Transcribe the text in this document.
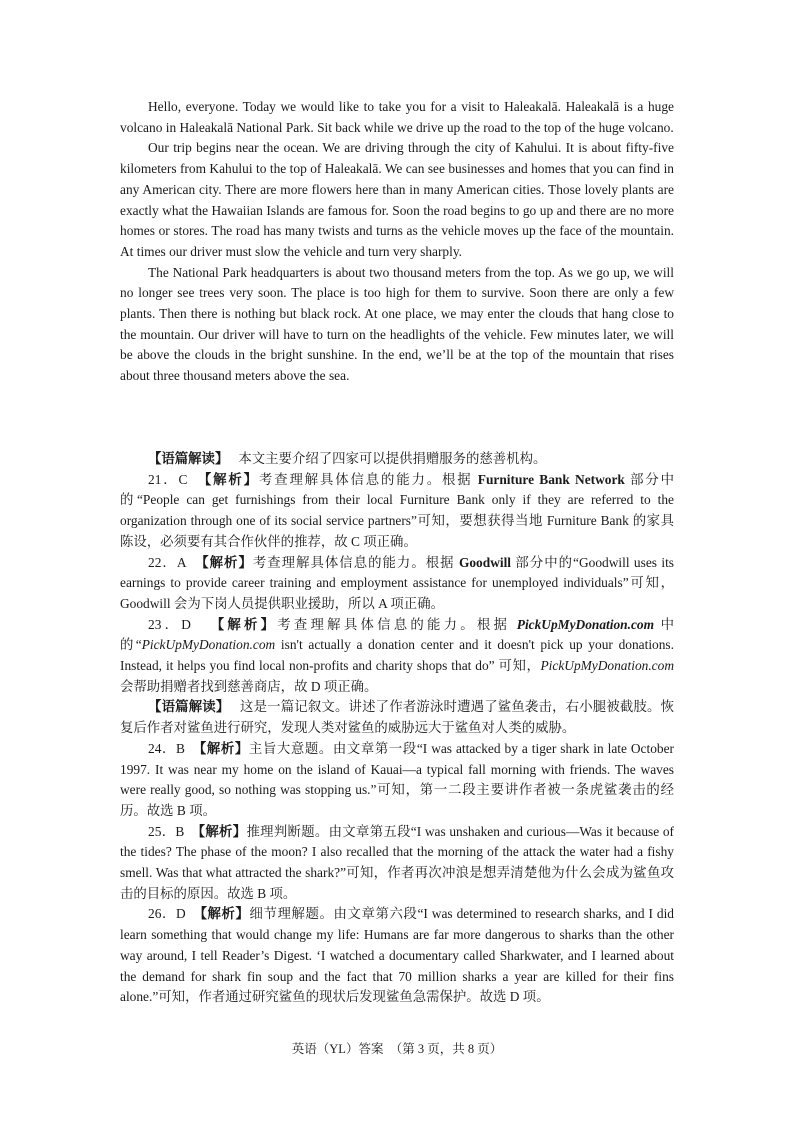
Hello, everyone. Today we would like to take you for a visit to Haleakalā. Haleakalā is a huge volcano in Haleakalā National Park. Sit back while we drive up the road to the top of the huge volcano.

Our trip begins near the ocean. We are driving through the city of Kahului. It is about fifty-five kilometers from Kahului to the top of Haleakalā. We can see businesses and homes that you can find in any American city. There are more flowers here than in many American cities. Those lovely plants are exactly what the Hawaiian Islands are famous for. Soon the road begins to go up and there are no more homes or stores. The road has many twists and turns as the vehicle moves up the face of the mountain. At times our driver must slow the vehicle and turn very sharply.

The National Park headquarters is about two thousand meters from the top. As we go up, we will no longer see trees very soon. The place is too high for them to survive. Soon there are only a few plants. Then there is nothing but black rock. At one place, we may enter the clouds that hang close to the mountain. Our driver will have to turn on the headlights of the vehicle. Few minutes later, we will be above the clouds in the bright sunshine. In the end, we’ll be at the top of the mountain that rises about three thousand meters above the sea.

【语篇解读】 本文主要介绍了四家可以提供捐赠服务的慈善机构。

21．C 【解析】考查理解具体信息的能力。根据 Furniture Bank Network 部分中的“People can get furnishings from their local Furniture Bank only if they are referred to the organization through one of its social service partners”可知，要想获得当地 Furniture Bank 的家具陈设，必须要有其合作伙伴的推荐，故 C 项正确。

22．A 【解析】考查理解具体信息的能力。根据 Goodwill 部分中的“Goodwill uses its earnings to provide career training and employment assistance for unemployed individuals”可知，Goodwill 会为下岗人员提供职业援助，所以 A 项正确。

23．D 【解析】考查理解具体信息的能力。根据 PickUpMyDonation.com 中的“PickUpMyDonation.com isn't actually a donation center and it doesn't pick up your donations. Instead, it helps you find local non-profits and charity shops that do” 可知，PickUpMyDonation.com 会帮助捐赠者找到慈善商店，故 D 项正确。

【语篇解读】 这是一篇记叙文。讲述了作者游泳时遭遇了鲨鱼袭击，右小腿被截肢。恢复后作者对鲨鱼进行研究，发现人类对鲨鱼的威胁远大于鲨鱼对人类的威胁。

24．B 【解析】主旨大意题。由文章第一段“I was attacked by a tiger shark in late October 1997. It was near my home on the island of Kauai—a typical fall morning with friends. The waves were really good, so nothing was stopping us.”可知，第一二段主要讲作者被一条虎鲨袭击的经历。故选 B 项。

25．B 【解析】推理判断题。由文章第五段“I was unshaken and curious—Was it because of the tides? The phase of the moon? I also recalled that the morning of the attack the water had a fishy smell. Was that what attracted the shark?”可知，作者再次冲浪是想弄清楚他为什么会成为鲨鱼攻击的目标的原因。故选 B 项。

26．D 【解析】细节理解题。由文章第六段“I was determined to research sharks, and I did learn something that would change my life: Humans are far more dangerous to sharks than the other way around, I tell Reader’s Digest. ‘I watched a documentary called Sharkwater, and I learned about the demand for shark fin soup and the fact that 70 million sharks a year are killed for their fins alone.”可知，作者通过研究鲨鱼的现状后发现鲨鱼急需保护。故选 D 项。

英语（YL）答案　（第 3 页，共 8 页）
